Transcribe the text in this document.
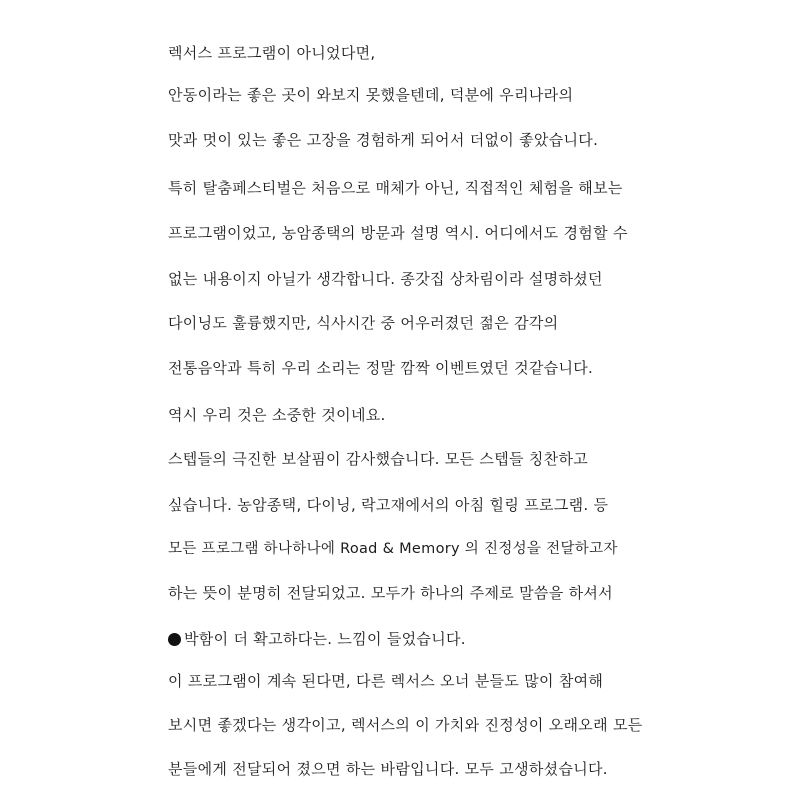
렉서스 프로그램이 아니었다면,
안동이라는 좋은 곳이 와보지 못했을텐데, 덕분에 우리나라의
맛과 멋이 있는 좋은 고장을 경험하게 되어서 더없이 좋았습니다.
특히 탈춤페스티벌은 처음으로 매체가 아닌, 직접적인 체험을 해보는
프로그램이었고, 농암종택의 방문과 설명 역시. 어디에서도 경험할 수
없는 내용이지 아닐가 생각합니다. 종갓집 상차림이라 설명하셨던
다이닝도 훌륭했지만, 식사시간 중 어우러졌던 젊은 감각의
전통음악과 특히 우리 소리는 정말 깜짝 이벤트였던 것같습니다.
역시 우리 것은 소중한 것이네요.
스텝들의 극진한 보살핌이 감사했습니다. 모든 스텝들 칭찬하고
싶습니다. 농암종택, 다이닝, 락고재에서의 아침 힐링 프로그램. 등
모든 프로그램 하나하나에 Road & Memory 의 진정성을 전달하고자
하는 뜻이 분명히 전달되었고. 모두가 하나의 주제로 말씀을 하셔서
박함이 더 확고하다는. 느낌이 들었습니다.
이 프로그램이 계속 된다면, 다른 렉서스 오너 분들도 많이 참여해
보시면 좋겠다는 생각이고, 렉서스의 이 가치와 진정성이 오래오래 모든
분들에게 전달되어 졌으면 하는 바람입니다. 모두 고생하셨습니다.
